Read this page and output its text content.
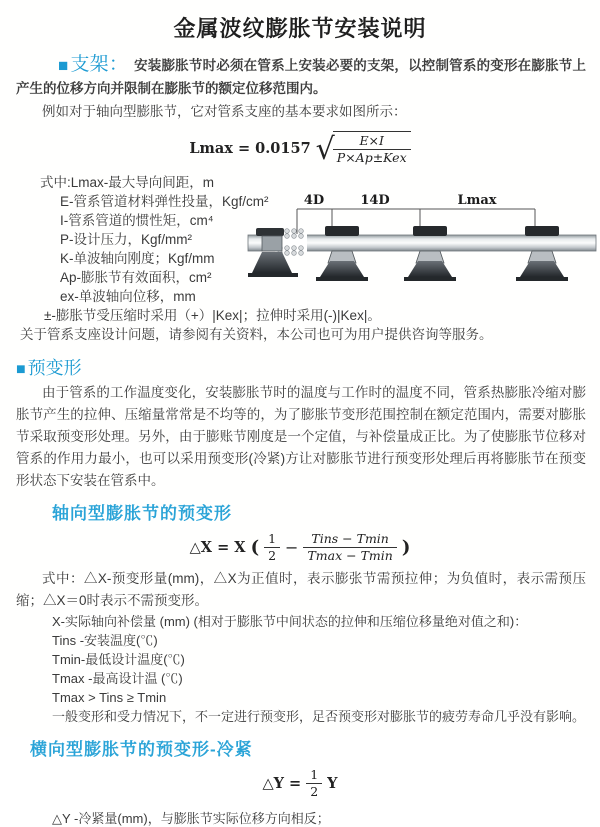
金属波纹膨胀节安装说明

■ 支架： 安装膨胀节时必须在管系上安装必要的支架，以控制管系的变形在膨胀节上产生的位移方向并限制在膨胀节的额定位移范围内。

例如对于轴向型膨胀节，它对管系支座的基本要求如图所示：

Lmax = 0.0157 √
$\frac{E\times I}{\text{P×Ap±Kex}}$
式中:Lmax-最大导向间距，m
E-管系管道材料弹性投量，Kgf/cm²
I-管系管道的惯性矩，cm⁴
P-设计压力，Kgf/mm²
K-单波轴向刚度；Kgf/mm
Ap-膨胀节有效面积，cm²
ex-单波轴向位移，mm
±-膨胀节受压缩时采用（+）|Kex|；拉伸时采用(-)|Kex|。
关于管系支座设计问题，请参阅有关资料，本公司也可为用户提供咨询等服务。
4D	14D	Lmax
■ 预变形

由于管系的工作温度变化，安装膨胀节时的温度与工作时的温度不同，管系热膨胀冷缩对膨胀节产生的拉伸、压缩量常常是不均等的，为了膨胀节变形范围控制在额定范围内，需要对膨胀节采取预变形处理。另外，由于膨账节刚度是一个定值，与补偿量成正比。为了使膨胀节位移对管系的作用力最小，也可以采用预变形(冷紧)方让对膨胀节进行预变形处理后再将膨胀节在预变形状态下安装在管系中。

轴向型膨胀节的预变形
△X = X ( $\frac{1}{2} - \frac{\text{Tins − Tmin}}{Tmax - Tmin}$ )

式中：△X-预变形量(mm)，△X为正值时，表示膨张节需预拉伸；为负值时，表示需预压缩；△X＝0时表示不需预变形。

X-实际轴向补偿量 (mm) (相对于膨胀节中间状态的拉伸和压缩位移量绝对值之和)：
Tins -安装温度(℃)
Tmin-最低设计温度(℃)
Tmax -最高设计温 (℃)
Tmax > Tins ≥ Tmin
一般变形和受力情况下，不一定进行预变形，足否预变形对膨胀节的疲劳寿命几乎没有影响。
横向型膨胀节的预变形-冷紧
△Y = $\frac{1}{2}$ Y
△Y -冷紧量(mm)，与膨胀节实际位移方向相反；
